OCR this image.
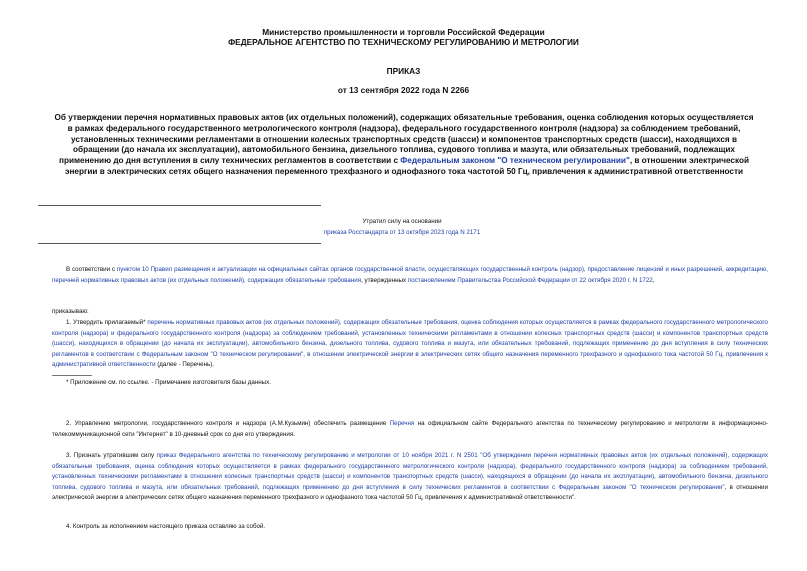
Министерство промышленности и торговли Российской Федерации
ФЕДЕРАЛЬНОЕ АГЕНТСТВО ПО ТЕХНИЧЕСКОМУ РЕГУЛИРОВАНИЮ И МЕТРОЛОГИИ
ПРИКАЗ
от 13 сентября 2022 года N 2266
Об утверждении перечня нормативных правовых актов (их отдельных положений), содержащих обязательные требования, оценка соблюдения которых осуществляется в рамках федерального государственного метрологического контроля (надзора), федерального государственного контроля (надзора) за соблюдением требований, установленных техническими регламентами в отношении колесных транспортных средств (шасси) и компонентов транспортных средств (шасси), находящихся в обращении (до начала их эксплуатации), автомобильного бензина, дизельного топлива, судового топлива и мазута, или обязательных требований, подлежащих применению до дня вступления в силу технических регламентов в соответствии с Федеральным законом "О техническом регулировании", в отношении электрической энергии в электрических сетях общего назначения переменного трехфазного и однофазного тока частотой 50 Гц, привлечения к административной ответственности
Утратил силу на основании
приказа Росстандарта от 13 октября 2023 года N 2171
В соответствии с пунктом 10 Правил размещения и актуализации на официальных сайтах органов государственной власти, осуществляющих государственный контроль (надзор), предоставление лицензий и иных разрешений, аккредитацию, перечней нормативных правовых актов (их отдельных положений), содержащих обязательные требования, утвержденных постановлением Правительства Российской Федерации от 22 октября 2020 г. N 1722,
приказываю:
1. Утвердить прилагаемый* перечень нормативных правовых актов (их отдельных положений), содержащих обязательные требования, оценка соблюдения которых осуществляется в рамках федерального государственного метрологического контроля (надзора) и федерального государственного контроля (надзора) за соблюдением требований, установленных техническими регламентами в отношении колесных транспортных средств (шасси) и компонентов транспортных средств (шасси), находящихся в обращении (до начала их эксплуатации), автомобильного бензина, дизельного топлива, судового топлива и мазута, или обязательных требований, подлежащих применению до дня вступления в силу технических регламентов в соответствии с Федеральным законом "О техническом регулировании", в отношении электрической энергии в электрических сетях общего назначения переменного трехфазного и однофазного тока частотой 50 Гц, привлечения к административной ответственности (далее - Перечень).
* Приложение см. по ссылке. - Примечание изготовителя базы данных.
2. Управлению метрологии, государственного контроля и надзора (А.М.Кузьмин) обеспечить размещение Перечня на официальном сайте Федерального агентства по техническому регулированию и метрологии в информационно-телекоммуникационной сети "Интернет" в 10-дневный срок со дня его утверждения.
3. Признать утратившим силу приказ Федерального агентства по техническому регулированию и метрологии от 10 ноября 2021 г. N 2501 "Об утверждении перечня нормативных правовых актов (их отдельных положений), содержащих обязательные требования, оценка соблюдения которых осуществляется в рамках федерального государственного метрологического контроля (надзора), федерального государственного контроля (надзора) за соблюдением требований, установленных техническими регламентами в отношении колесных транспортных средств (шасси) и компонентов транспортных средств (шасси), находящихся в обращении (до начала их эксплуатации), автомобильного бензина, дизельного топлива, судового топлива и мазута, или обязательных требований, подлежащих применению до дня вступления в силу технических регламентов в соответствии с Федеральным законом "О техническом регулировании", в отношении электрической энергии в электрических сетях общего назначения переменного трехфазного и однофазного тока частотой 50 Гц, привлечения к административной ответственности".
4. Контроль за исполнением настоящего приказа оставляю за собой.
